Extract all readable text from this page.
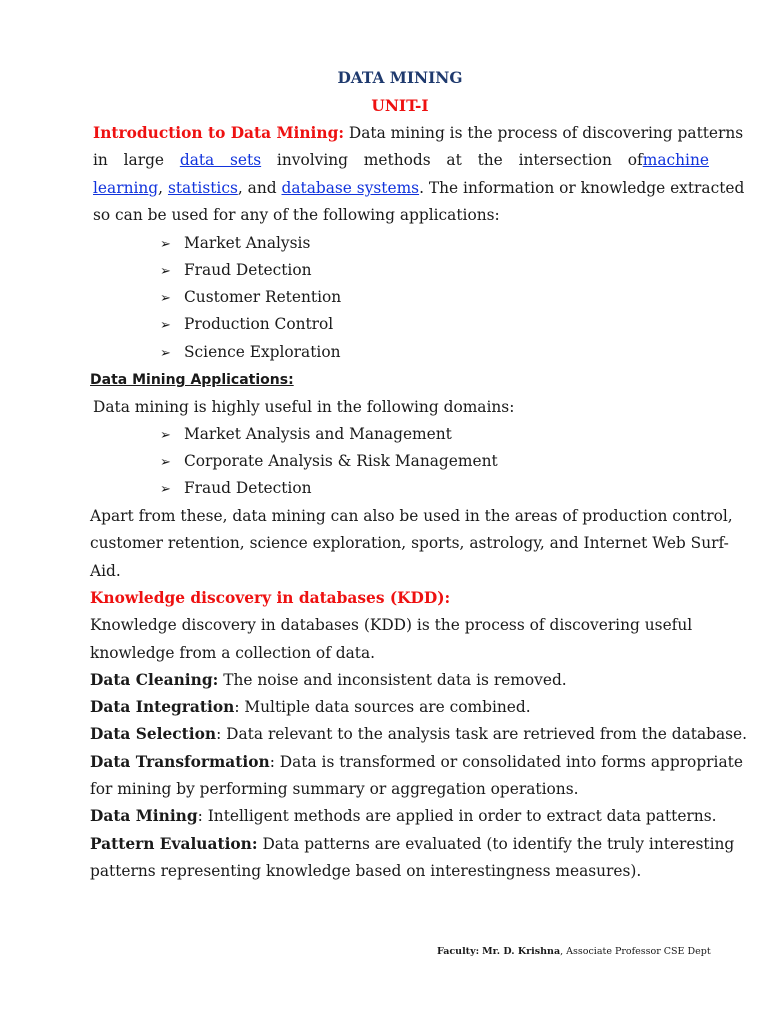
DATA MINING
UNIT-I
Introduction to Data Mining: Data mining is the process of discovering patterns
in large data sets involving methods at the intersection ofmachine
learning, statistics, and database systems. The information or knowledge extracted
so can be used for any of the following applications:
➢ Market Analysis
➢ Fraud Detection
➢ Customer Retention
➢ Production Control
➢ Science Exploration
Data Mining Applications:
Data mining is highly useful in the following domains:
➢ Market Analysis and Management
➢ Corporate Analysis & Risk Management
➢ Fraud Detection
Apart from these, data mining can also be used in the areas of production control,
customer retention, science exploration, sports, astrology, and Internet Web Surf-
Aid.
Knowledge discovery in databases (KDD):
Knowledge discovery in databases (KDD) is the process of discovering useful
knowledge from a collection of data.
Data Cleaning: The noise and inconsistent data is removed.
Data Integration: Multiple data sources are combined.
Data Selection: Data relevant to the analysis task are retrieved from the database.
Data Transformation: Data is transformed or consolidated into forms appropriate
for mining by performing summary or aggregation operations.
Data Mining: Intelligent methods are applied in order to extract data patterns.
Pattern Evaluation: Data patterns are evaluated (to identify the truly interesting
patterns representing knowledge based on interestingness measures).
Faculty: Mr. D. Krishna, Associate Professor CSE Dept
